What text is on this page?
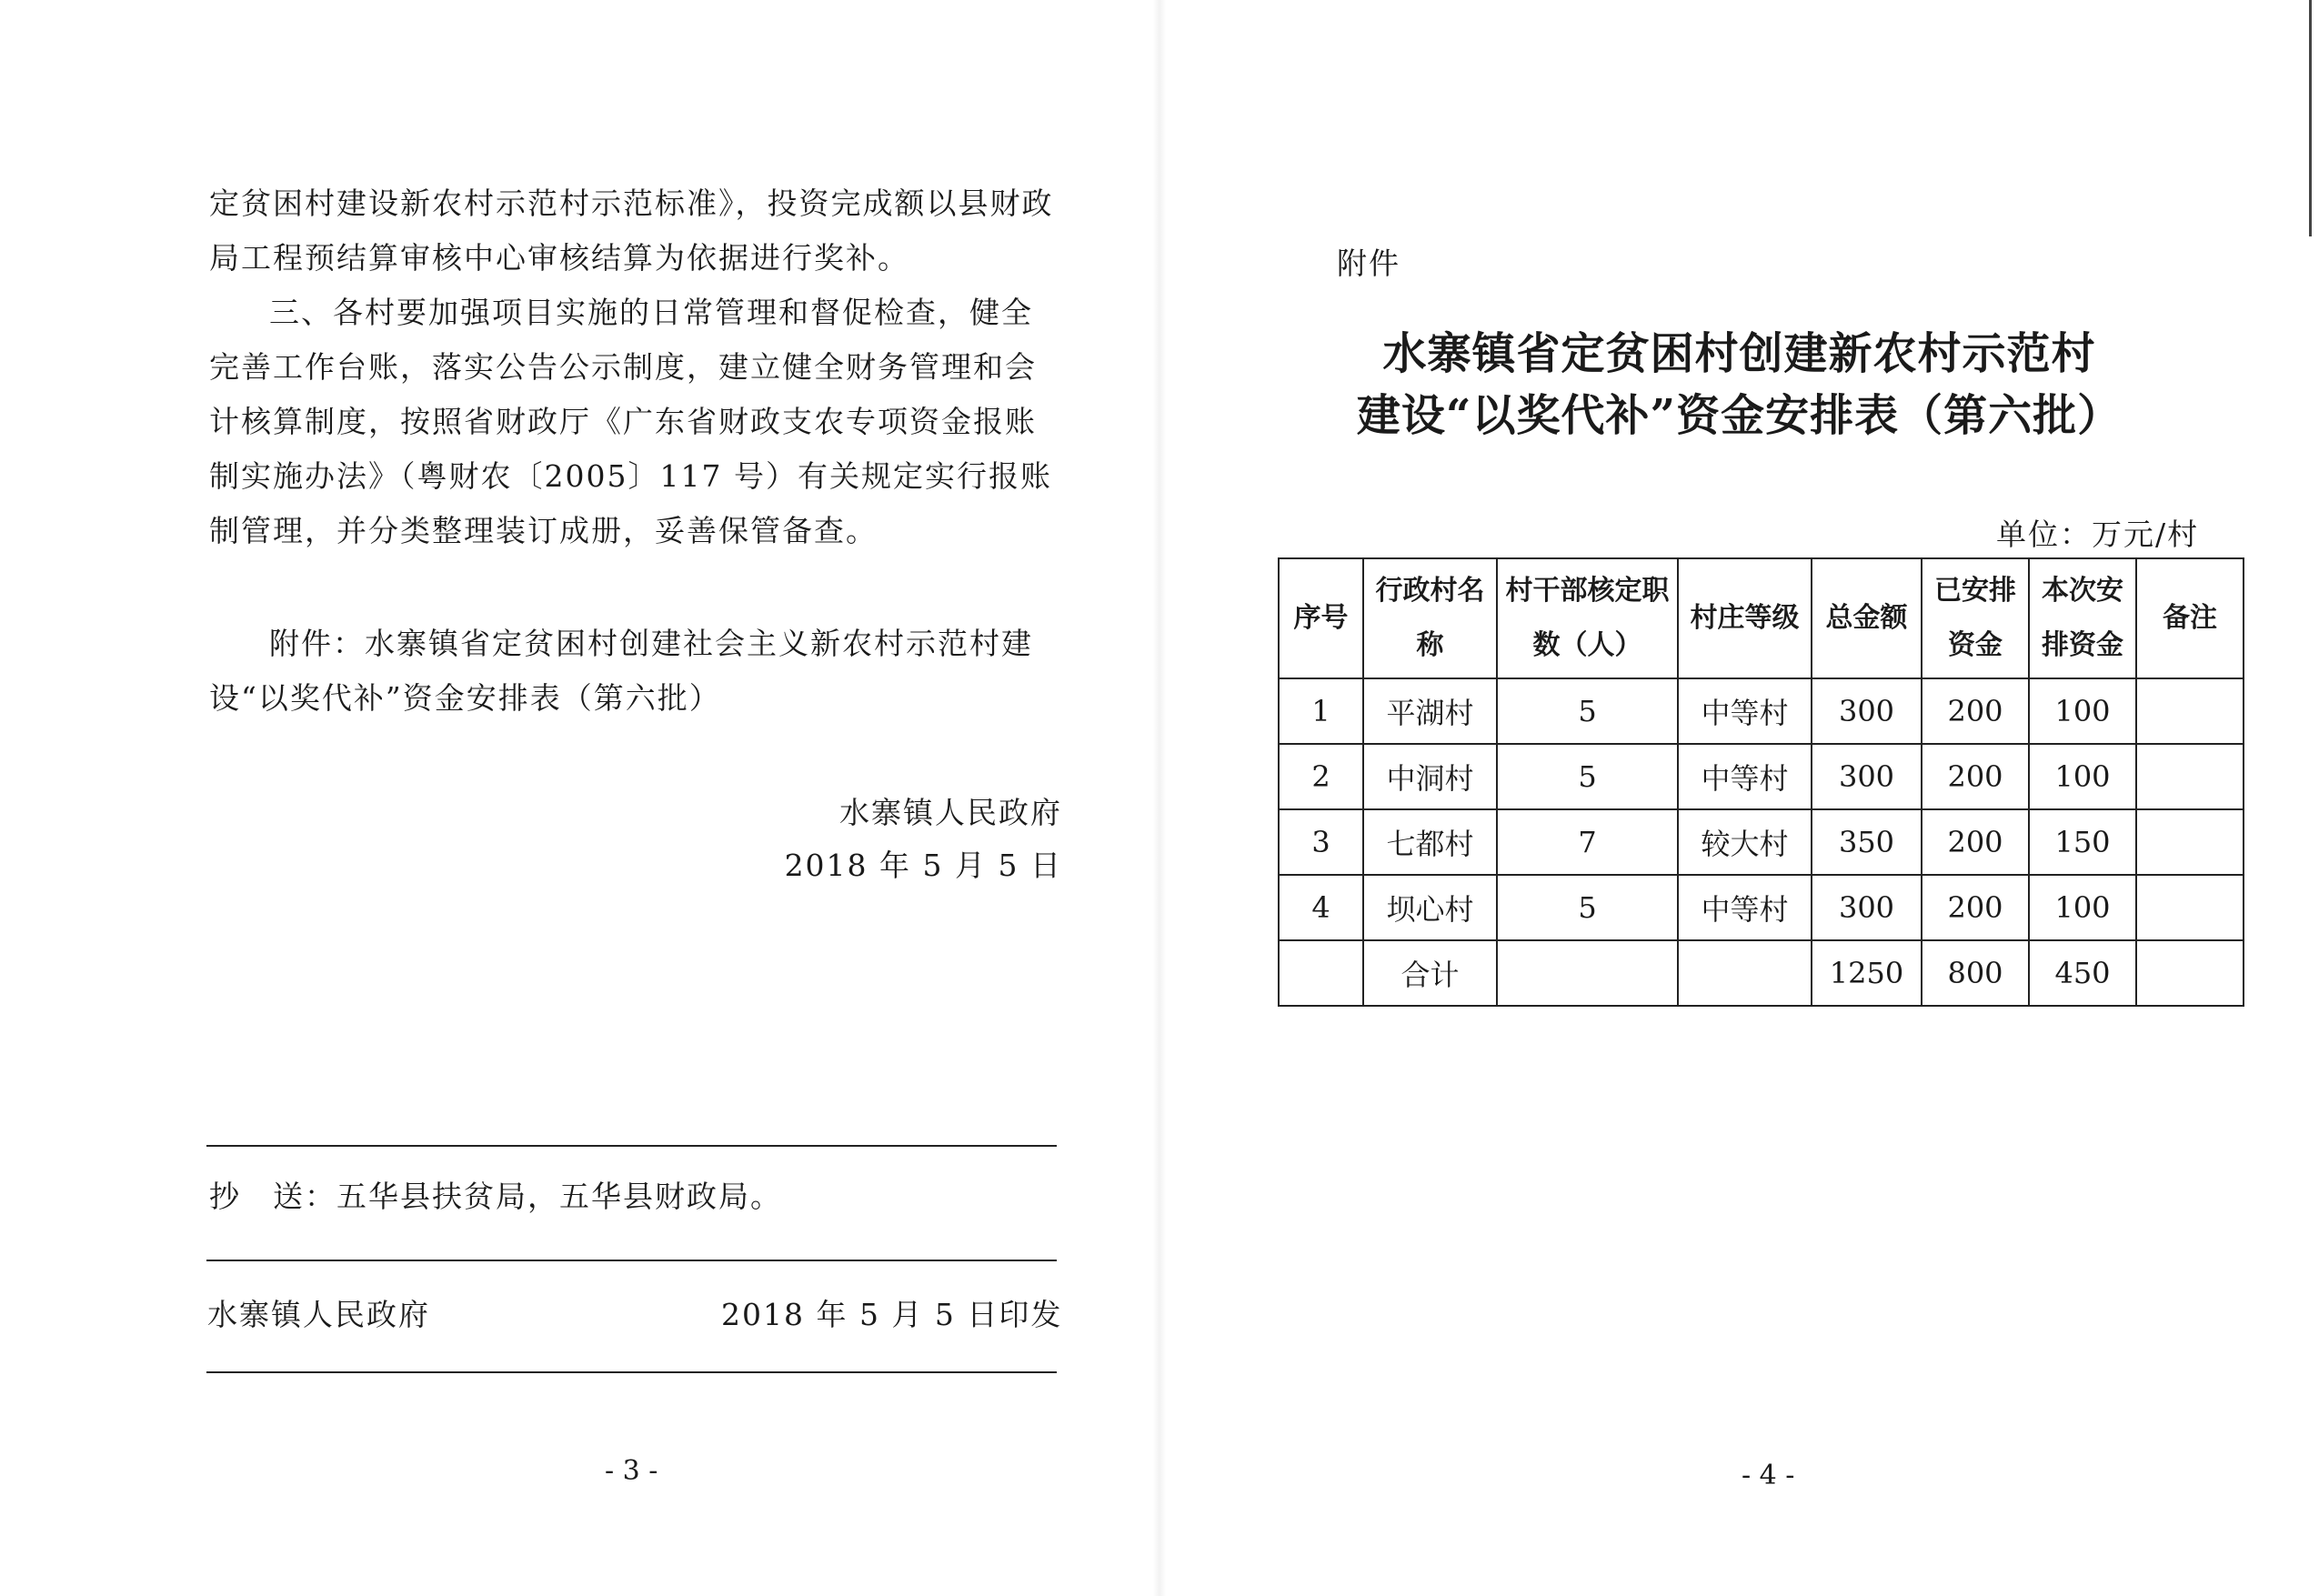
定贫困村建设新农村示范村示范标准》，投资完成额以县财政局工程预结算审核中心审核结算为依据进行奖补。

三、各村要加强项目实施的日常管理和督促检查，健全完善工作台账，落实公告公示制度，建立健全财务管理和会计核算制度，按照省财政厅《广东省财政支农专项资金报账制实施办法》（粤财农〔2005〕117 号）有关规定实行报账制管理，并分类整理装订成册，妥善保管备查。

附件：水寨镇省定贫困村创建社会主义新农村示范村建设“以奖代补”资金安排表（第六批）

水寨镇人民政府
2018 年 5 月 5 日
抄　送：五华县扶贫局，五华县财政局。
水寨镇人民政府	2018 年 5 月 5 日印发
- 3 -
附件
水寨镇省定贫困村创建新农村示范村
建设“以奖代补”资金安排表（第六批）
单位：万元/村
序号	行政村名称	村干部核定职数（人）	村庄等级	总金额	已安排资金	本次安排资金	备注
1	平湖村	5	中等村	300	200	100	
2	中洞村	5	中等村	300	200	100	
3	七都村	7	较大村	350	200	150	
4	坝心村	5	中等村	300	200	100	
	合计			1250	800	450	
- 4 -
